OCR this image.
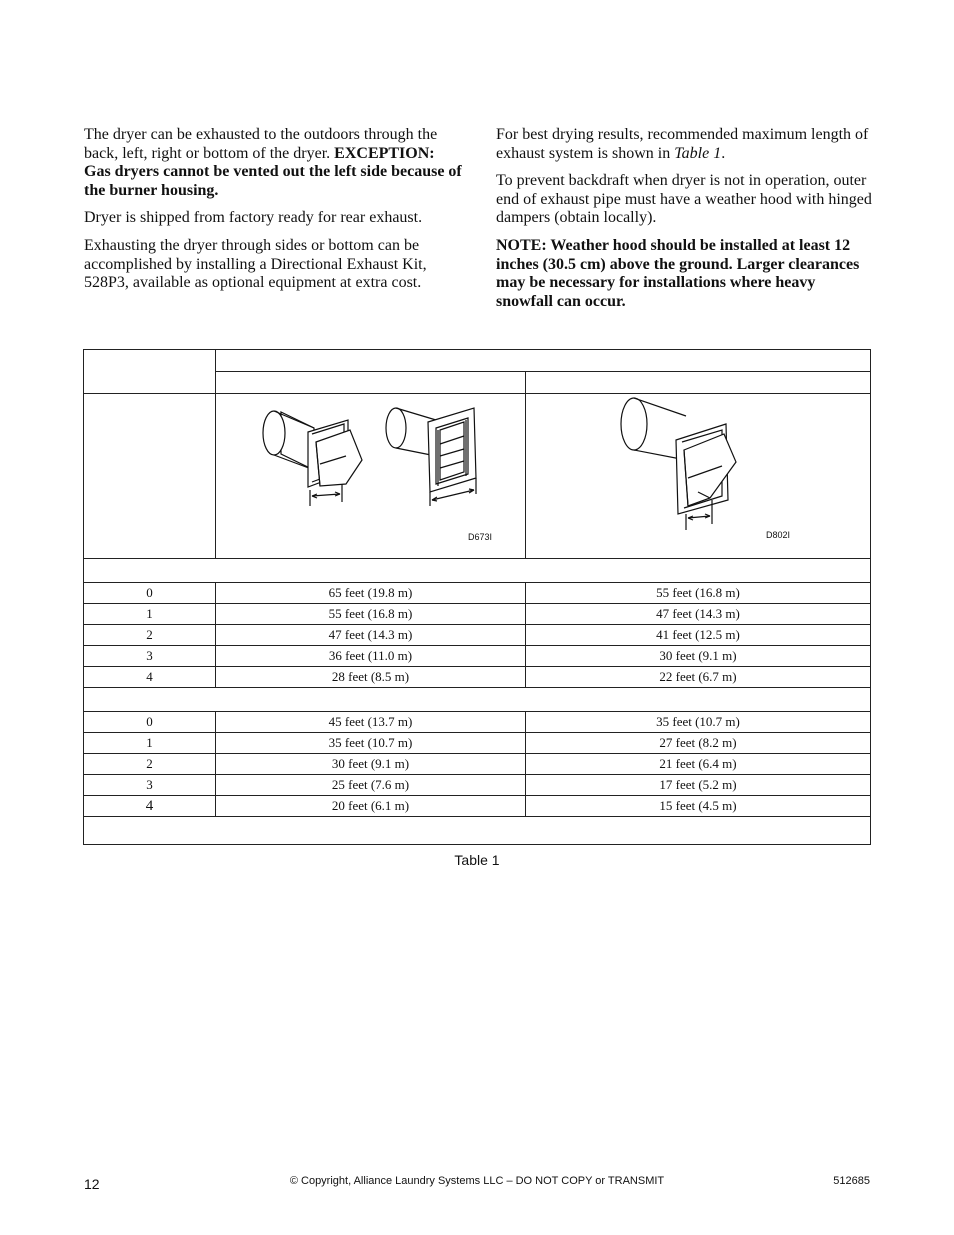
The dryer can be exhausted to the outdoors through the back, left, right or bottom of the dryer. EXCEPTION: Gas dryers cannot be vented out the left side because of the burner housing.

Dryer is shipped from factory ready for rear exhaust.

Exhausting the dryer through sides or bottom can be accomplished by installing a Directional Exhaust Kit, 528P3, available as optional equipment at extra cost.

For best drying results, recommended maximum length of exhaust system is shown in Table 1.

To prevent backdraft when dryer is not in operation, outer end of exhaust pipe must have a weather hood with hinged dampers (obtain locally).

NOTE: Weather hood should be installed at least 12 inches (30.5 cm) above the ground. Larger clearances may be necessary for installations where heavy snowfall can occur.

	D673I	D802I

0	65 feet (19.8 m)	55 feet (16.8 m)
1	55 feet (16.8 m)	47 feet (14.3 m)
2	47 feet (14.3 m)	41 feet (12.5 m)
3	36 feet (11.0 m)	30 feet (9.1 m)
4	28 feet (8.5 m)	22 feet (6.7 m)

0	45 feet (13.7 m)	35 feet (10.7 m)
1	35 feet (10.7 m)	27 feet (8.2 m)
2	30 feet (9.1 m)	21 feet (6.4 m)
3	25 feet (7.6 m)	17 feet (5.2 m)
4	20 feet (6.1 m)	15 feet (4.5 m)

Table 1
12	© Copyright, Alliance Laundry Systems LLC – DO NOT COPY or TRANSMIT	512685
